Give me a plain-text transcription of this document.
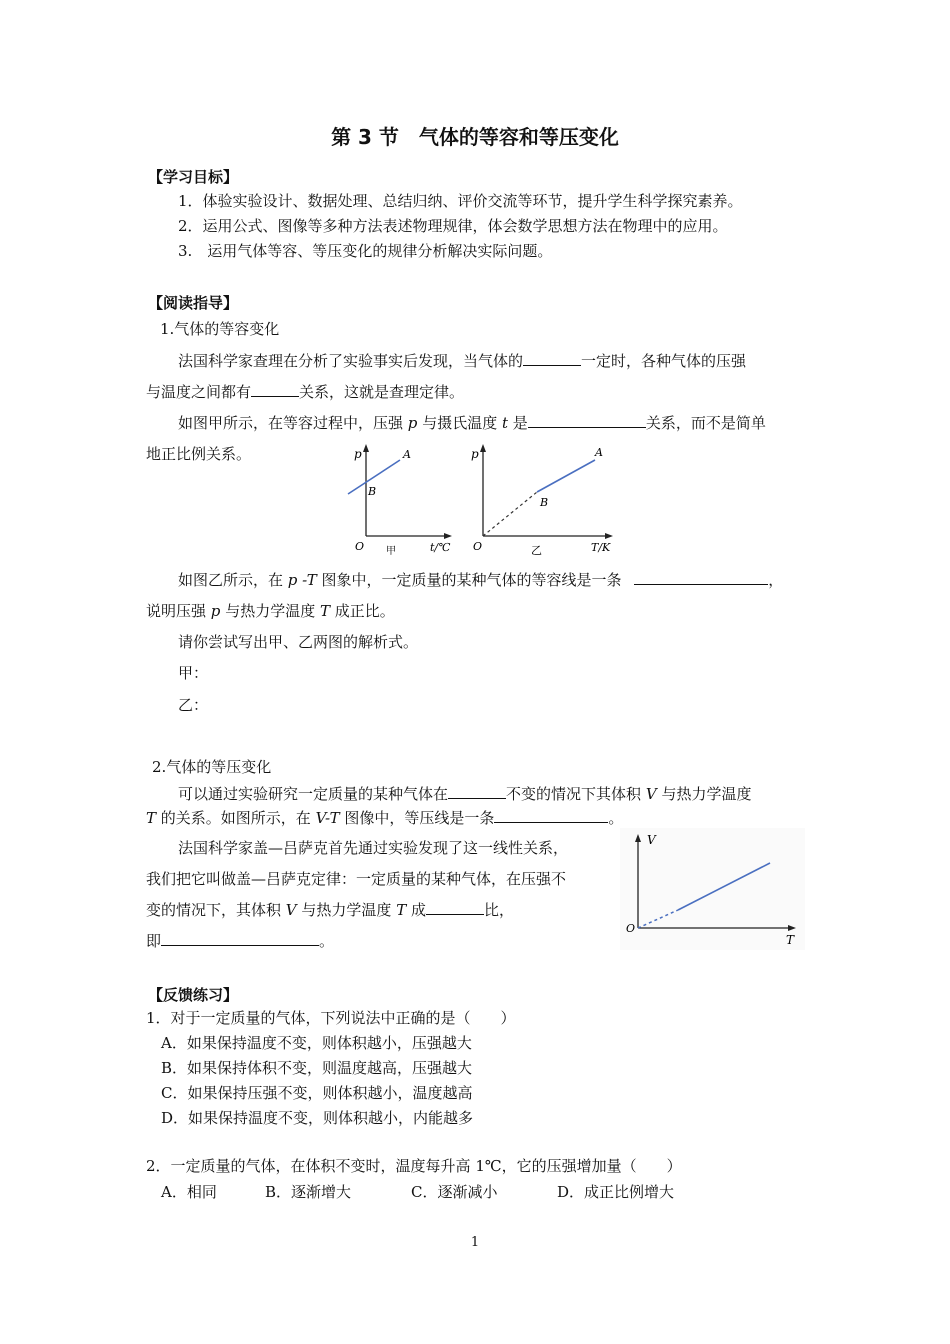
第 3 节　气体的等容和等压变化
【学习目标】
1．体验实验设计、数据处理、总结归纳、评价交流等环节，提升学生科学探究素养。
2．运用公式、图像等多种方法表述物理规律，体会数学思想方法在物理中的应用。
3.　运用气体等容、等压变化的规律分析解决实际问题。
【阅读指导】
1.气体的等容变化
法国科学家查理在分析了实验事实后发现，当气体的	一定时，各种气体的压强
与温度之间都有	关系，这就是查理定律。
如图甲所示，在等容过程中，压强 p 与摄氏温度 t 是	关系，而不是简单
地正比例关系。	p	A
B
O 甲	t/℃
p	A
B
O	乙	T/K
如图乙所示，在 p -T 图象中，一定质量的某种气体的等容线是一条	，
说明压强 p 与热力学温度 T 成正比。
请你尝试写出甲、乙两图的解析式。
甲：
乙：
2.气体的等压变化
可以通过实验研究一定质量的某种气体在	不变的情况下其体积 V 与热力学温度
T 的关系。如图所示，在 V-T 图像中，等压线是一条	。
法国科学家盖—吕萨克首先通过实验发现了这一线性关系，
我们把它叫做盖—吕萨克定律：一定质量的某种气体，在压强不
变的情况下，其体积 V 与热力学温度 T 成	比，
即	。
V
O
T
【反馈练习】
1．对于一定质量的气体，下列说法中正确的是（　　）
A．如果保持温度不变，则体积越小，压强越大
B．如果保持体积不变，则温度越高，压强越大
C．如果保持压强不变，则体积越小，温度越高
D．如果保持温度不变，则体积越小，内能越多
2．一定质量的气体，在体积不变时，温度每升高 1℃，它的压强增加量（　　）
A．相同	B．逐渐增大	C．逐渐减小	D．成正比例增大
1
